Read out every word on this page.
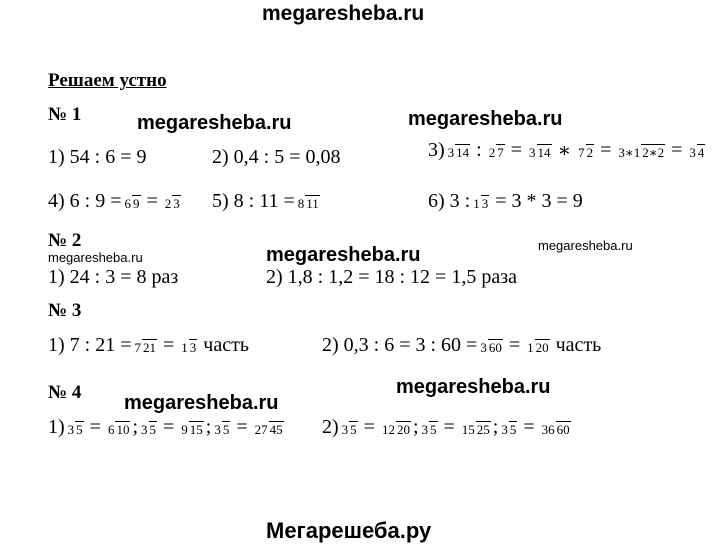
megaresheba.ru
megaresheba.ru	megaresheba.ru
megaresheba.ru
megaresheba.ru
megaresheba.ru
megaresheba.ru
megaresheba.ru
Мегарешеба.ру
Решаем устно
№ 1
1) 54 : 6 = 9	2) 0,4 : 5 = 0,08	3) 3 14 : 2 7 = 3 14 ∗ 7 2 = 3∗1 2∗2 = 3 4
4) 6 : 9 = 6 9 = 2 3 5) 8 : 11 = 8 11	6) 3 : 1 3 = 3 * 3 = 9
№ 2
1) 24 : 3 = 8 раз	2) 1,8 : 1,2 = 18 : 12 = 1,5 раза
№ 3
1) 7 : 21 = 7 21 = 1 3 часть	2) 0,3 : 6 = 3 : 60 = 3 60 = 1 20 часть
№ 4
1) 3 5 = 6 10 ; 3 5 = 9 15 ; 3 5 = 27 45 2) 3 5 = 12 20 ; 3 5 = 15 25 ; 3 5 = 36 60
